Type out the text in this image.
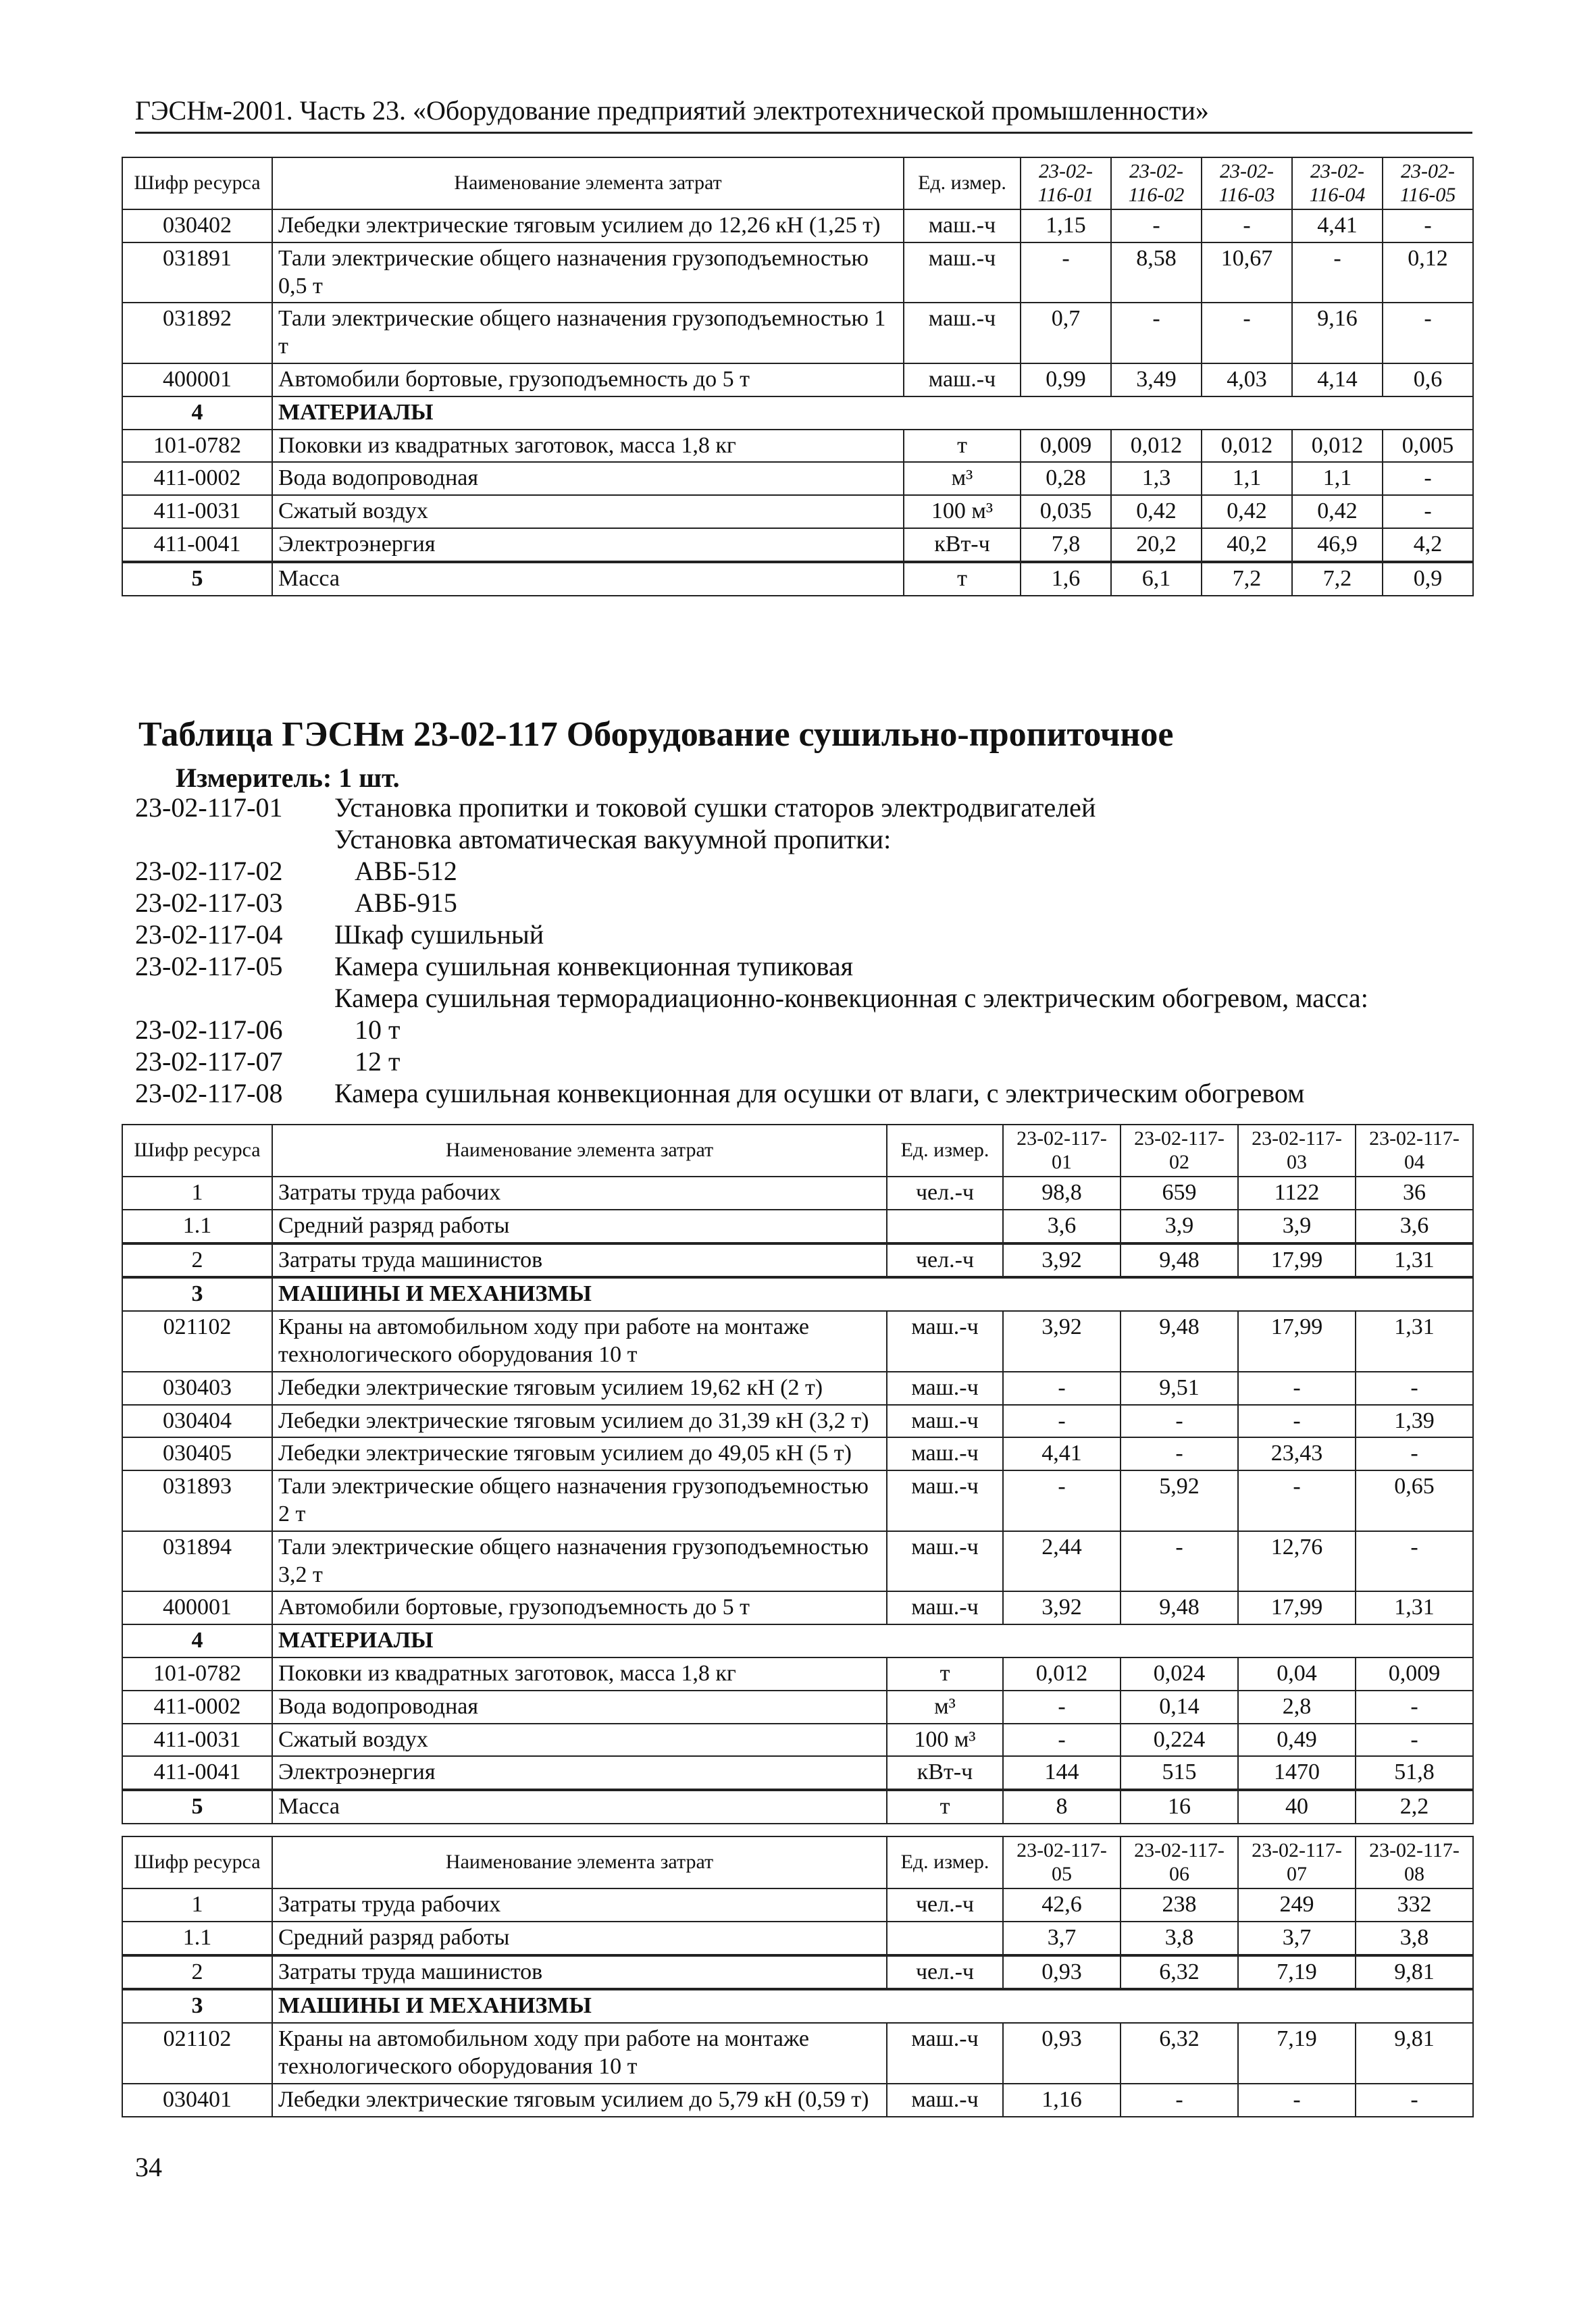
ГЭСНм-2001. Часть 23. «Оборудование предприятий электротехнической промышленности»
Шифр ресурса	Наименование элемента затрат	Ед. измер.	23-02-116-01	23-02-116-02	23-02-116-03	23-02-116-04	23-02-116-05
030402	Лебедки электрические тяговым усилием до 12,26 кН (1,25 т)	маш.-ч	1,15	-	-	4,41	-
031891	Тали электрические общего назначения грузоподъемностью 0,5 т	маш.-ч	-	8,58	10,67	-	0,12
031892	Тали электрические общего назначения грузоподъемностью 1 т	маш.-ч	0,7	-	-	9,16	-
400001	Автомобили бортовые, грузоподъемность до 5 т	маш.-ч	0,99	3,49	4,03	4,14	0,6
4	МАТЕРИАЛЫ						
101-0782	Поковки из квадратных заготовок, масса 1,8 кг	т	0,009	0,012	0,012	0,012	0,005
411-0002	Вода водопроводная	м³	0,28	1,3	1,1	1,1	-
411-0031	Сжатый воздух	100 м³	0,035	0,42	0,42	0,42	-
411-0041	Электроэнергия	кВт-ч	7,8	20,2	40,2	46,9	4,2
5	Масса	т	1,6	6,1	7,2	7,2	0,9
Таблица ГЭСНм 23-02-117 Оборудование сушильно-пропиточное
Измеритель: 1 шт.
23-02-117-01	Установка пропитки и токовой сушки статоров электродвигателей
Установка автоматическая вакуумной пропитки:
23-02-117-02	АВБ-512
23-02-117-03	АВБ-915
23-02-117-04	Шкаф сушильный
23-02-117-05	Камера сушильная конвекционная тупиковая
Камера сушильная терморадиационно-конвекционная с электрическим обогревом, масса:
23-02-117-06	10 т
23-02-117-07	12 т
23-02-117-08	Камера сушильная конвекционная для осушки от влаги, с электрическим обогревом
Шифр ресурса	Наименование элемента затрат	Ед. измер.	23-02-117-01	23-02-117-02	23-02-117-03	23-02-117-04
1	Затраты труда рабочих	чел.-ч	98,8	659	1122	36
1.1	Средний разряд работы		3,6	3,9	3,9	3,6
2	Затраты труда машинистов	чел.-ч	3,92	9,48	17,99	1,31
3	МАШИНЫ И МЕХАНИЗМЫ					
021102	Краны на автомобильном ходу при работе на монтаже технологического оборудования 10 т	маш.-ч	3,92	9,48	17,99	1,31
030403	Лебедки электрические тяговым усилием 19,62 кН (2 т)	маш.-ч	-	9,51	-	-
030404	Лебедки электрические тяговым усилием до 31,39 кН (3,2 т)	маш.-ч	-	-	-	1,39
030405	Лебедки электрические тяговым усилием до 49,05 кН (5 т)	маш.-ч	4,41	-	23,43	-
031893	Тали электрические общего назначения грузоподъемностью 2 т	маш.-ч	-	5,92	-	0,65
031894	Тали электрические общего назначения грузоподъемностью 3,2 т	маш.-ч	2,44	-	12,76	-
400001	Автомобили бортовые, грузоподъемность до 5 т	маш.-ч	3,92	9,48	17,99	1,31
4	МАТЕРИАЛЫ					
101-0782	Поковки из квадратных заготовок, масса 1,8 кг	т	0,012	0,024	0,04	0,009
411-0002	Вода водопроводная	м³	-	0,14	2,8	-
411-0031	Сжатый воздух	100 м³	-	0,224	0,49	-
411-0041	Электроэнергия	кВт-ч	144	515	1470	51,8
5	Масса	т	8	16	40	2,2
Шифр ресурса	Наименование элемента затрат	Ед. измер.	23-02-117-05	23-02-117-06	23-02-117-07	23-02-117-08
1	Затраты труда рабочих	чел.-ч	42,6	238	249	332
1.1	Средний разряд работы		3,7	3,8	3,7	3,8
2	Затраты труда машинистов	чел.-ч	0,93	6,32	7,19	9,81
3	МАШИНЫ И МЕХАНИЗМЫ					
021102	Краны на автомобильном ходу при работе на монтаже технологического оборудования 10 т	маш.-ч	0,93	6,32	7,19	9,81
030401	Лебедки электрические тяговым усилием до 5,79 кН (0,59 т)	маш.-ч	1,16	-	-	-
34
